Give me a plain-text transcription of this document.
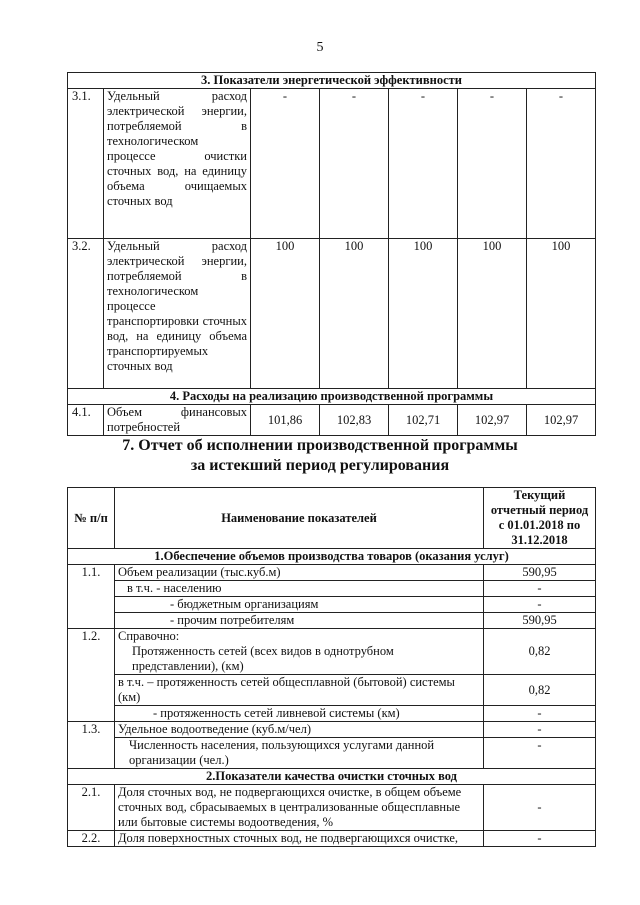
5
3. Показатели энергетической эффективности						
3.1.	Удельный расход электрической энергии, потребляемой в технологическом процессе очистки сточных вод, на единицу объема очищаемых сточных вод	-	-	-	-	-
3.2.	Удельный расход электрической энергии, потребляемой в технологическом процессе транспортировки сточных вод, на единицу объема транспортируемых сточных вод	100	100	100	100	100
4. Расходы на реализацию производственной программы						
4.1.	Объем финансовых потребностей	101,86	102,83	102,71	102,97	102,97
7. Отчет об исполнении производственной программы
за истекший период регулирования
№ п/п	Наименование показателей	Текущий отчетный период с 01.01.2018 по 31.12.2018
1.Обеспечение объемов производства товаров (оказания услуг)		
1.1.	Объем реализации (тыс.куб.м)	590,95
	в т.ч. - населению	-
	- бюджетным организациям	-
	- прочим потребителям	590,95
1.2.	Справочно:
Протяженность сетей (всех видов в однотрубном представлении), (км)	0,82
	в т.ч. – протяженность сетей общесплавной (бытовой) системы (км)	0,82
	- протяженность сетей ливневой системы (км)	-
1.3.	Удельное водоотведение (куб.м/чел)	-
	Численность населения, пользующихся услугами данной организации (чел.)	-
2.Показатели качества очистки сточных вод		
2.1.	Доля сточных вод, не подвергающихся очистке, в общем объеме сточных вод, сбрасываемых в централизованные общесплавные или бытовые системы водоотведения, %	-
2.2.	Доля поверхностных сточных вод, не подвергающихся очистке,	-
